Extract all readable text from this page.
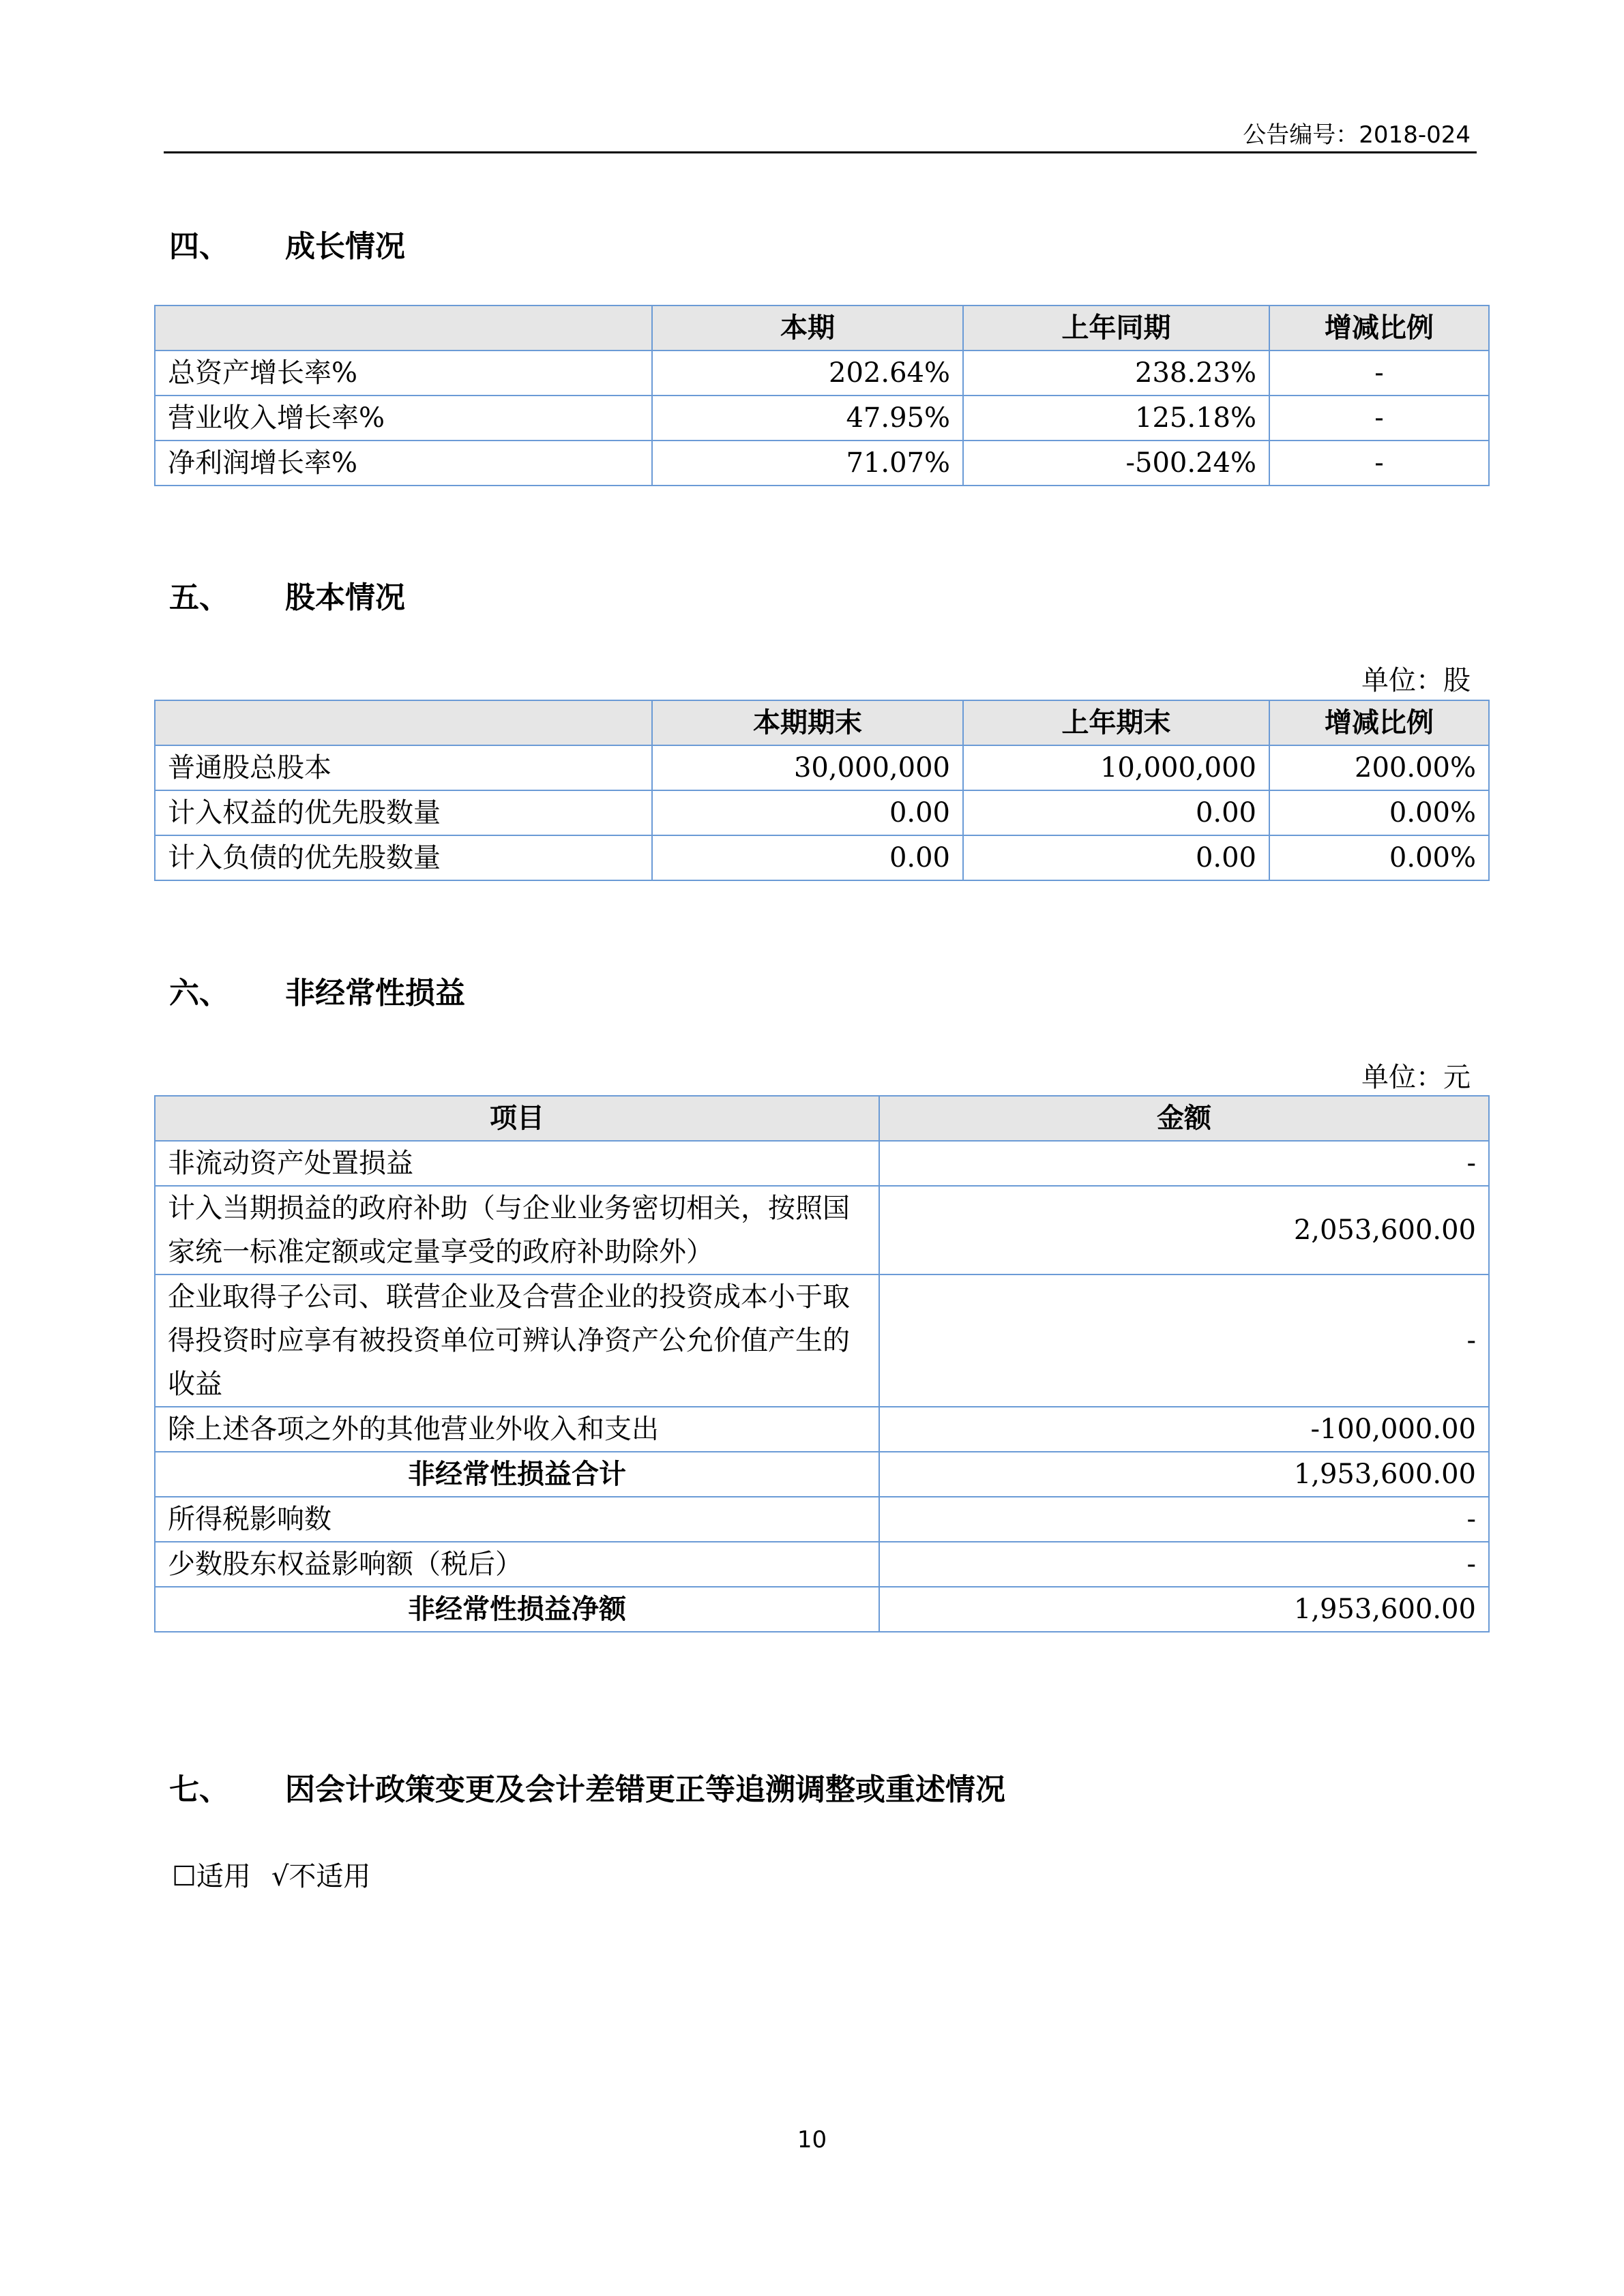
公告编号：2018-024
四、 成长情况
	本期	上年同期	增减比例
总资产增长率%	202.64%	238.23%	-
营业收入增长率%	47.95%	125.18%	-
净利润增长率%	71.07%	-500.24%	-
五、 股本情况
单位：股
	本期期末	上年期末	增减比例
普通股总股本	30,000,000	10,000,000	200.00%
计入权益的优先股数量	0.00	0.00	0.00%
计入负债的优先股数量	0.00	0.00	0.00%
六、 非经常性损益
单位：元
项目	金额
非流动资产处置损益	-
计入当期损益的政府补助（与企业业务密切相关，按照国家统一标准定额或定量享受的政府补助除外）	2,053,600.00
企业取得子公司、联营企业及合营企业的投资成本小于取得投资时应享有被投资单位可辨认净资产公允价值产生的收益	-
除上述各项之外的其他营业外收入和支出	-100,000.00
非经常性损益合计	1,953,600.00
所得税影响数	-
少数股东权益影响额（税后）	-
非经常性损益净额	1,953,600.00
七、 因会计政策变更及会计差错更正等追溯调整或重述情况
☐适用 √不适用
10
